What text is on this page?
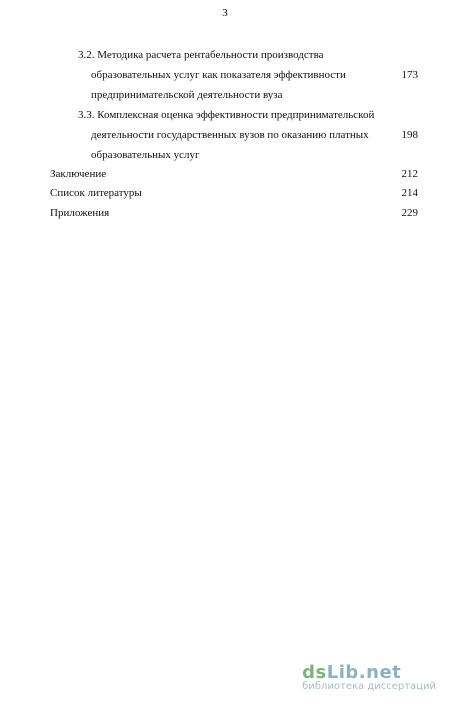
3
3.2. Методика расчета рентабельности производства
образовательных услуг как показателя эффективности	173
предпринимательской деятельности вуза
3.3. Комплексная оценка эффективности предпринимательской
деятельности государственных вузов по оказанию платных	198
образовательных услуг
Заключение	212
Список литературы	214
Приложения	229
dsLib.net
библиотека диссертаций
